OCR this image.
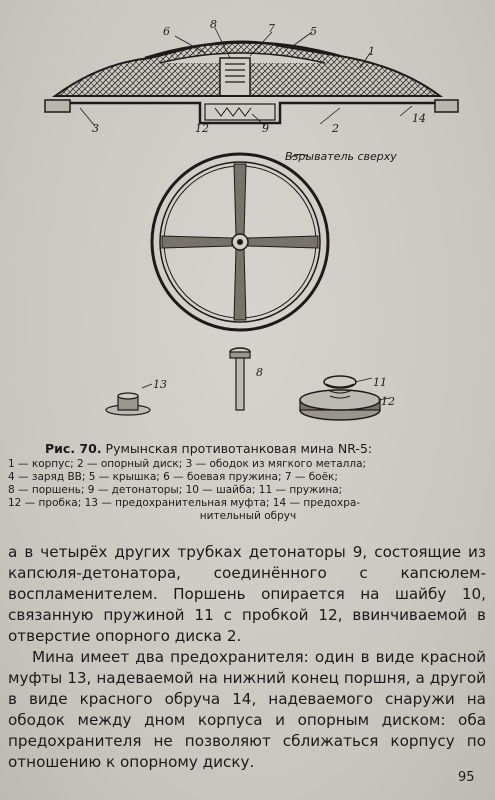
6
8	7	5
1
3	12	9	2
14
Взрыватель сверху
13
8
11
12
Рис. 70. Румынская противотанковая мина NR-5:
1 — корпус; 2 — опорный диск; 3 — ободок из мягкого металла;
4 — заряд ВВ; 5 — крышка; 6 — боевая пружина; 7 — боёк;
8 — поршень; 9 — детонаторы; 10 — шайба; 11 — пружина;
12 — пробка; 13 — предохранительная муфта; 14 — предохра-

нительный обруч

а в четырёх других трубках детонаторы 9, состоящие из капсюля-детонатора, соединённого с капсюлем-воспламенителем. Поршень опирается на шайбу 10, связанную пружиной 11 с пробкой 12, ввинчиваемой в отверстие опорного диска 2.

Мина имеет два предохранителя: один в виде красной муфты 13, надеваемой на нижний конец поршня, а другой в виде красного обруча 14, надеваемого снаружи на ободок между дном корпуса и опорным диском: оба предохранителя не позволяют сближаться корпусу по отношению к опорному диску.

95
